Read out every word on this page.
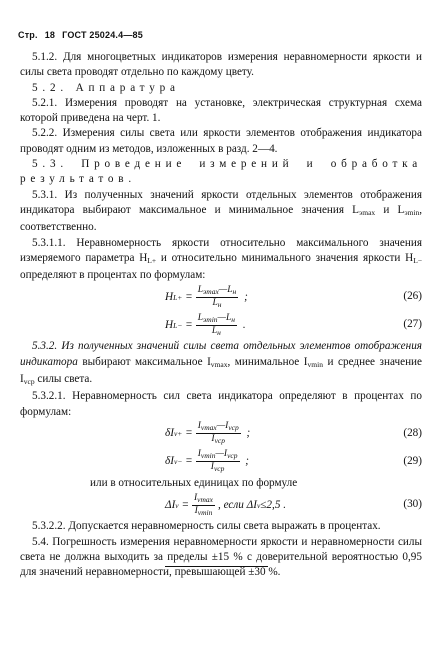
Стр. 18 ГОСТ 25024.4—85

5.1.2. Для многоцветных индикаторов измерения неравномерности яркости и силы света проводят отдельно по каждому цвету.

5.2. Аппаратура

5.2.1. Измерения проводят на установке, электрическая структурная схема которой приведена на черт. 1.

5.2.2. Измерения силы света или яркости элементов отображения индикатора проводят одним из методов, изложенных в разд. 2—4.

5.3. Проведение измерений и обработка результатов.

5.3.1. Из полученных значений яркости отдельных элементов отображения индикатора выбирают максимальное и минимальное значения $L_{эmax}$ и $L_{эmin}$, соответственно.

5.3.1.1. Неравномерность яркости относительно максимального значения измеряемого параметра $H_{L+}$ и относительно минимального значения яркости $H_{L-}$ определяют в процентах по формулам:

H $L+ = \frac{L_{эmax}—L_н}{L_н}$
;	(26)
H $L- = \frac{L_{эmin}—L_н}{L_н}$
.	(27)

5.3.2. Из полученных значений силы света отдельных элементов отображения индикатора выбирают максимальное $I_{vmax}$, минимальное $I_{vmin}$ и среднее значение $I_{vср}$ силы света.

5.3.2.1. Неравномерность сил света индикатора определяют в процентах по формулам:

δI $v+ = \frac{I_{vmax}—I_{vср}}{I_{vср}}$
;	(28)
δI $v- = \frac{I_{vmin}—I_{vср}}{I_{vср}}$
;	(29)

или в относительных единицах по формуле

ΔI $v = \frac{I_{vmax}}{I_{vmin}}$ , если ΔI v ≤2,5 .	(30)

5.3.2.2. Допускается неравномерность силы света выражать в процентах.

5.4. Погрешность измерения неравномерности яркости и неравномерности силы света не должна выходить за пределы ±15 % с доверительной вероятностью 0,95 для значений неравномерности, превышающей ±30 %.
